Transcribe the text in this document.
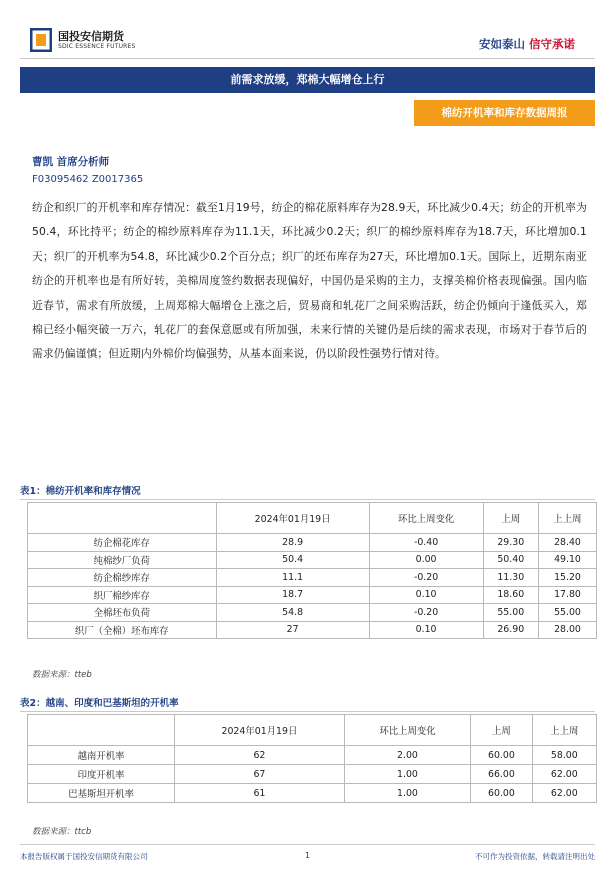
国投安信期货
SDIC ESSENCE FUTURES	安如泰山 信守承诺
前需求放缓，郑棉大幅增仓上行
棉纺开机率和库存数据周报
曹凯 首席分析师
F03095462 Z0017365
纺企和织厂的开机率和库存情况：截至1月19号，纺企的棉花原料库存为28.9天，环比减少0.4天；纺企的开机率为50.4，环比持平；纺企的棉纱原料库存为11.1天，环比减少0.2天；织厂的棉纱原料库存为18.7天，环比增加0.1天；织厂的开机率为54.8，环比减少0.2个百分点；织厂的坯布库存为27天，环比增加0.1天。国际上，近期东南亚纺企的开机率也是有所好转，美棉周度签约数据表现偏好，中国仍是采购的主力，支撑美棉价格表现偏强。国内临近春节，需求有所放缓，上周郑棉大幅增仓上涨之后，贸易商和轧花厂之间采购活跃，纺企仍倾向于逢低买入，郑棉已经小幅突破一万六，轧花厂的套保意愿或有所加强，未来行情的关键仍是后续的需求表现，市场对于春节后的需求仍偏谨慎；但近期内外棉价均偏强势，从基本面来说，仍以阶段性强势行情对待。
表1：棉纺开机率和库存情况
	2024年01月19日	环比上周变化	上周	上上周
纺企棉花库存	28.9	-0.40	29.30	28.40
纯棉纱厂负荷	50.4	0.00	50.40	49.10
纺企棉纱库存	11.1	-0.20	11.30	15.20
织厂棉纱库存	18.7	0.10	18.60	17.80
全棉坯布负荷	54.8	-0.20	55.00	55.00
织厂（全棉）坯布库存	27	0.10	26.90	28.00
数据来源：tteb
表2：越南、印度和巴基斯坦的开机率
	2024年01月19日	环比上周变化	上周	上上周
越南开机率	62	2.00	60.00	58.00
印度开机率	67	1.00	66.00	62.00
巴基斯坦开机率	61	1.00	60.00	62.00
数据来源：ttcb
本报告版权属于国投安信期货有限公司	1	不可作为投资依据，转载请注明出处
